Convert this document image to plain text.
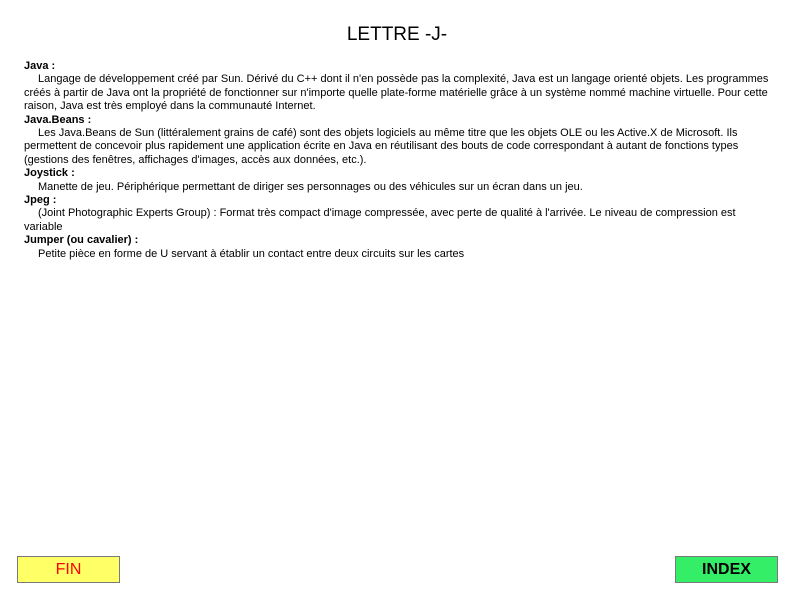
LETTRE -J-
Java :
Langage de développement créé par Sun. Dérivé du C++ dont il n'en possède pas la complexité, Java est un langage orienté objets. Les programmes créés à partir de Java ont la propriété de fonctionner sur n'importe quelle plate-forme matérielle grâce à un système nommé machine virtuelle. Pour cette raison, Java est très employé dans la communauté Internet.
Java.Beans :
Les Java.Beans de Sun (littéralement grains de café) sont des objets logiciels au même titre que les objets OLE ou les Active.X de Microsoft. Ils permettent de concevoir plus rapidement une application écrite en Java en réutilisant des bouts de code correspondant à autant de fonctions types (gestions des fenêtres, affichages d'images, accès aux données, etc.).
Joystick :
Manette de jeu. Périphérique permettant de diriger ses personnages ou des véhicules sur un écran dans un jeu.
Jpeg :
(Joint Photographic Experts Group) : Format très compact d'image compressée, avec perte de qualité à l'arrivée. Le niveau de compression est variable
Jumper (ou cavalier) :
Petite pièce en forme de U servant à établir un contact entre deux circuits sur les cartes
FIN	INDEX
